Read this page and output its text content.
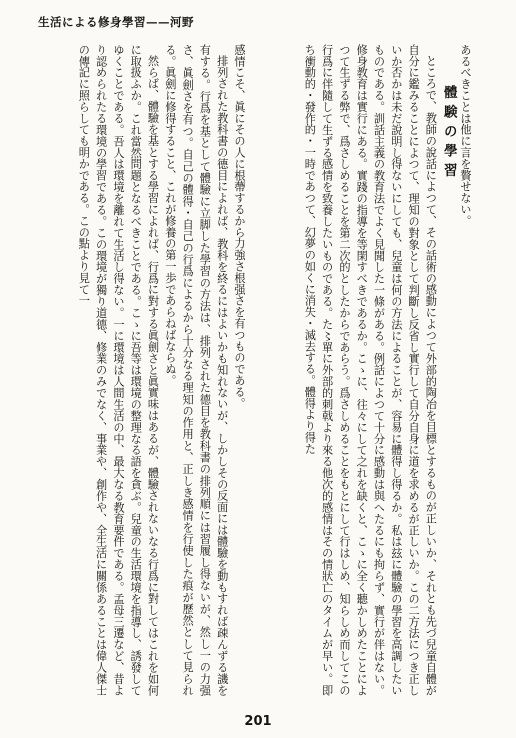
生活による修身學習——河野

あるべきことは他に言を贅せない。

體験の學習

ところで、教師の說話によつて、その話術の感動によつて外部的陶冶を目標とするものが正しいか、それとも先づ兒童自體が自分に鑑みることによつて、理知の對象として判斷し反省し實行して自分自身に道を求めるが正しいか。この二方法につき正しいか否かは未だ說明し得ないにしても、兒童は何の方法によることが、容易に體得し得るか。私は玆に體驗の學習を高調したいものである。訓話主義の教育法でよく見聞した一條がある。例話によつて十分に感動は與へたるにも拘らず、實行が伴はない。修身教育は實行にある。實踐の指導を等閑すべきであるか。こゝに、往々にして之れを缺くと、こゝに全く聽かしめたことによつて生ずる弊で、爲さしめることを第二次的としたからであらう。爲さしめることをもとにして行はしめ、知らしめ而してこの行爲に伴隨して生ずる感情を致養したいものである。た〻單に外部的刺戟より來る他次的感情はその情狀亡のタイムが早い。即ち衝動的・發作的・一時であつて、幻夢の如くに消失・滅去する。體得より得た

感情こそ、眞にその人に根蔕するから力強さ根强さを有つものである。

排列された教科書の德目によれば、教科を終るにはよいかも知れないが、しかしその反面には體驗を動もすれば疎んずる譏を有する。行爲を基として體驗に立脚した學習の方法は、排列された德目を教科書の排列順には習履し得ないが、然し一の力强さ、眞劍さを有つ。自己の體得・自己の行爲によるから十分なる理知の作用と、正しき感情を行使した痕が歷然として見られる。眞劍に修得すること、これが修養の第一歩であらねばならぬ。

然らば、體驗を基とする學習によれば、行爲に對する眞劍さと眞實味はあるが、體驗されないなる行爲に對してはこれを如何に取扱ふか。これ當然問題となるべきことである。こゝに吾等は環境の整理なる語を貪ぶ。兒童の生活環境を指導し、誘發してゆくことである。吾人は環境を離れて生活し得ない。一に環境は人間生活の中、最大なる教育要件である。孟母三遷など、昔より認められたる環境の學習である。この環境が獨り道德、修業のみでなく、事業や、創作や、全生活に關係あることは偉人傑士の傳記に照らしても明かである。この點より見て一

201
